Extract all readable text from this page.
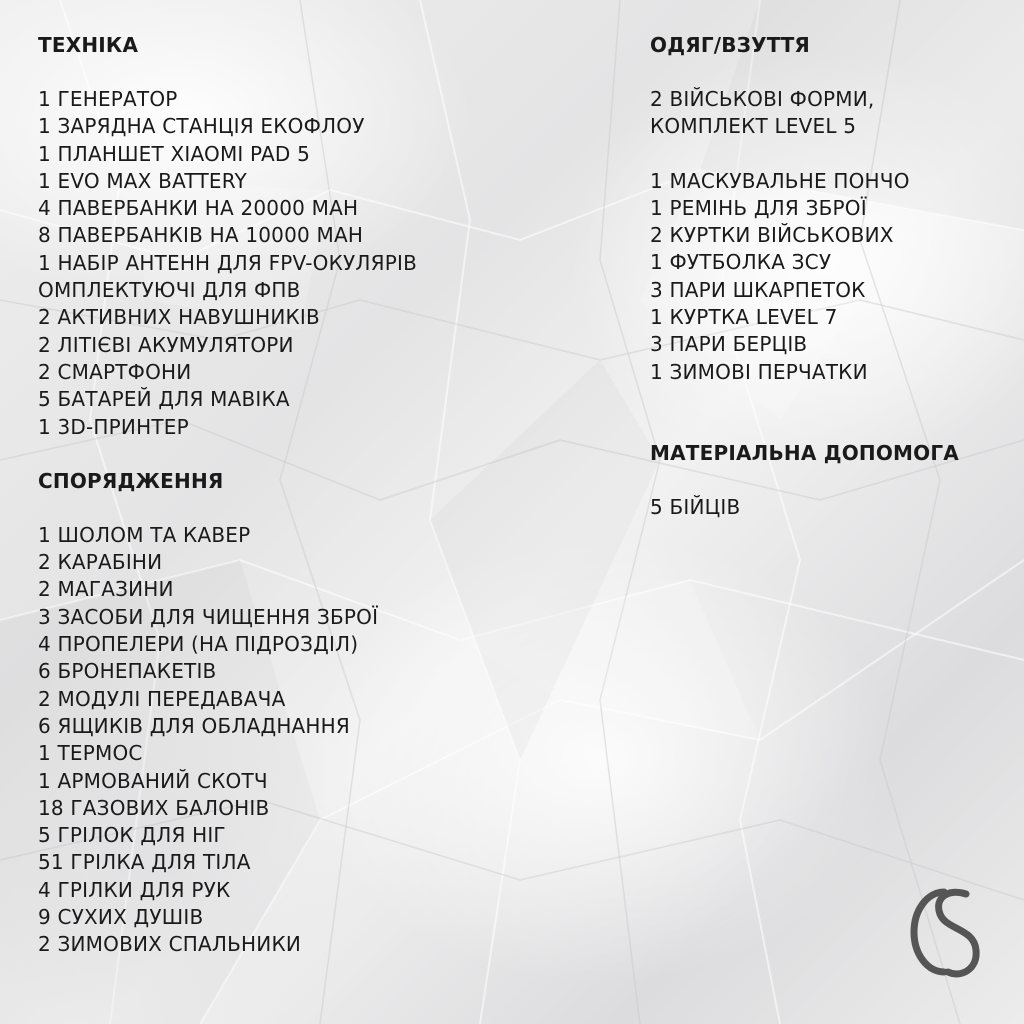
ТЕХНІКА
1 ГЕНЕРАТОР
1 ЗАРЯДНА СТАНЦІЯ ЕКОФЛОУ
1 ПЛАНШЕТ XIAOMI PAD 5
1 EVO MAX BATTERY
4 ПАВЕРБАНКИ НА 20000 MAH
8 ПАВЕРБАНКІВ НА 10000 MAH
1 НАБІР АНТЕНН ДЛЯ FPV-ОКУЛЯРІВ
ОМПЛЕКТУЮЧІ ДЛЯ ФПВ
2 АКТИВНИХ НАВУШНИКІВ
2 ЛІТІЄВІ АКУМУЛЯТОРИ
2 СМАРТФОНИ
5 БАТАРЕЙ ДЛЯ МАВІКА
1 3D-ПРИНТЕР
СПОРЯДЖЕННЯ
1 ШОЛОМ ТА КАВЕР
2 КАРАБІНИ
2 МАГАЗИНИ
3 ЗАСОБИ ДЛЯ ЧИЩЕННЯ ЗБРОЇ
4 ПРОПЕЛЕРИ (НА ПІДРОЗДІЛ)
6 БРОНЕПАКЕТІВ
2 МОДУЛІ ПЕРЕДАВАЧА
6 ЯЩИКІВ ДЛЯ ОБЛАДНАННЯ
1 ТЕРМОС
1 АРМОВАНИЙ СКОТЧ
18 ГАЗОВИХ БАЛОНІВ
5 ГРІЛОК ДЛЯ НІГ
51 ГРІЛКА ДЛЯ ТІЛА
4 ГРІЛКИ ДЛЯ РУК
9 СУХИХ ДУШІВ
2 ЗИМОВИХ СПАЛЬНИКИ
ОДЯГ/ВЗУТТЯ
2 ВІЙСЬКОВІ ФОРМИ,
КОМПЛЕКТ LEVEL 5
1 МАСКУВАЛЬНЕ ПОНЧО
1 РЕМІНЬ ДЛЯ ЗБРОЇ
2 КУРТКИ ВІЙСЬКОВИХ
1 ФУТБОЛКА ЗСУ
3 ПАРИ ШКАРПЕТОК
1 КУРТКА LEVEL 7
3 ПАРИ БЕРЦІВ
1 ЗИМОВІ ПЕРЧАТКИ
МАТЕРІАЛЬНА ДОПОМОГА
5 БІЙЦІВ
